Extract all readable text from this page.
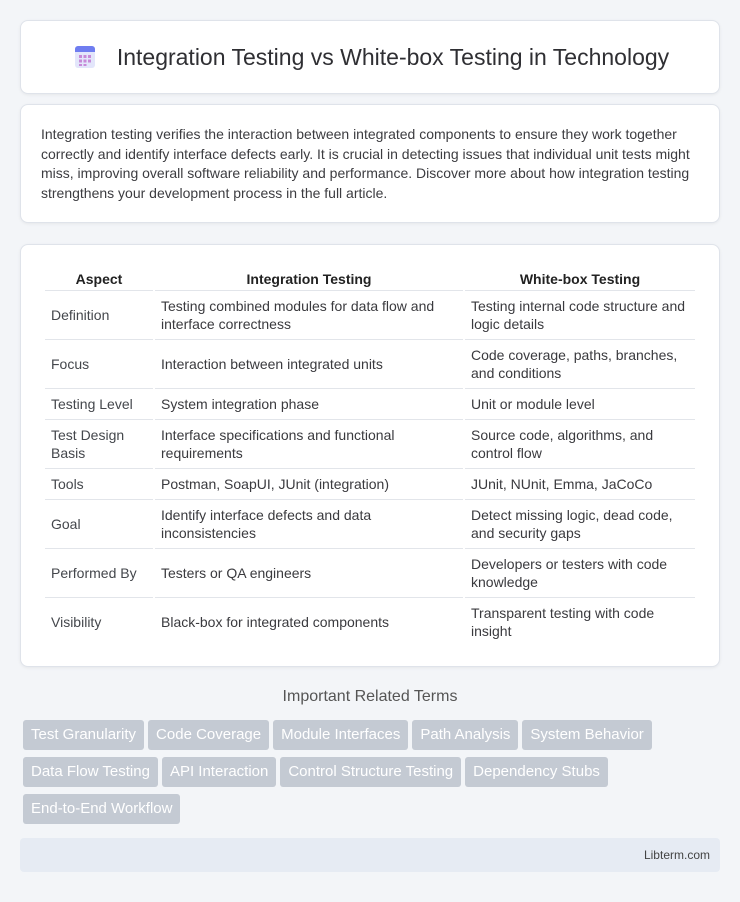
Integration Testing vs White-box Testing in Technology

Integration testing verifies the interaction between integrated components to ensure they work together correctly and identify interface defects early. It is crucial in detecting issues that individual unit tests might miss, improving overall software reliability and performance. Discover more about how integration testing strengthens your development process in the full article.

Aspect	Integration Testing	White-box Testing
Definition	Testing combined modules for data flow and interface correctness	Testing internal code structure and logic details
Focus	Interaction between integrated units	Code coverage, paths, branches, and conditions
Testing Level	System integration phase	Unit or module level
Test Design Basis	Interface specifications and functional requirements	Source code, algorithms, and control flow
Tools	Postman, SoapUI, JUnit (integration)	JUnit, NUnit, Emma, JaCoCo
Goal	Identify interface defects and data inconsistencies	Detect missing logic, dead code, and security gaps
Performed By	Testers or QA engineers	Developers or testers with code knowledge
Visibility	Black-box for integrated components	Transparent testing with code insight
Important Related Terms
Test Granularity Code Coverage Module Interfaces Path Analysis System Behavior
Data Flow Testing API Interaction Control Structure Testing Dependency Stubs
End-to-End Workflow
Libterm.com
